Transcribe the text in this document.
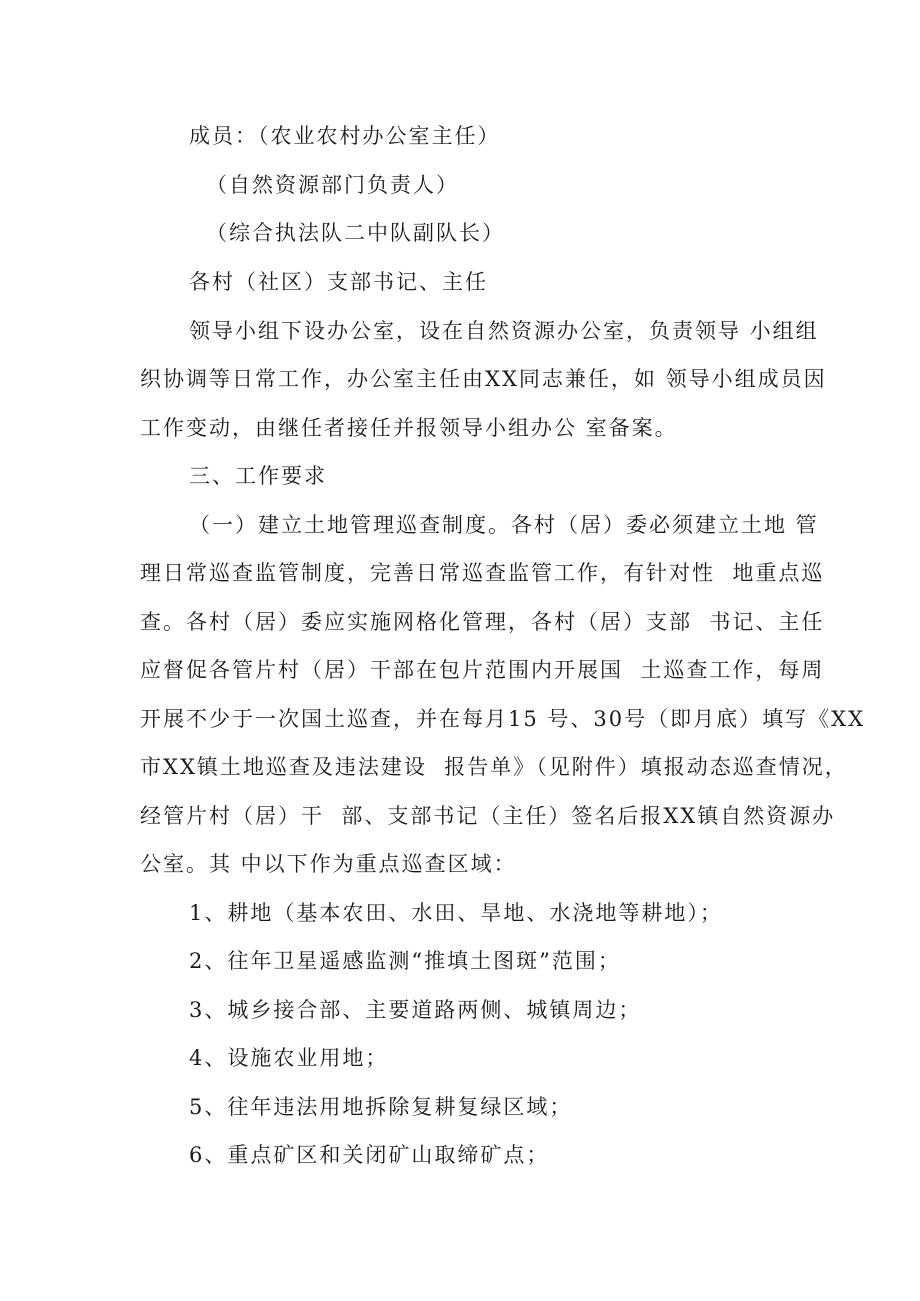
成员：（农业农村办公室主任）
（自然资源部门负责人）
（综合执法队二中队副队长）
各村（社区）支部书记、主任
领导小组下设办公室，设在自然资源办公室，负责领导 小组组
织协调等日常工作，办公室主任由XX同志兼任，如 领导小组成员因
工作变动，由继任者接任并报领导小组办公 室备案。
三、工作要求
（一）建立土地管理巡查制度。各村（居）委必须建立土地 管
理日常巡查监管制度，完善日常巡查监管工作，有针对性  地重点巡
查。各村（居）委应实施网格化管理，各村（居）支部  书记、主任
应督促各管片村（居）干部在包片范围内开展国  土巡查工作，每周
开展不少于一次国土巡查，并在每月15 号、30号（即月底）填写《XX
市XX镇土地巡查及违法建设  报告单》（见附件）填报动态巡查情况，
经管片村（居）干  部、支部书记（主任）签名后报XX镇自然资源办
公室。其 中以下作为重点巡查区域：
1、耕地（基本农田、水田、旱地、水浇地等耕地）；
2、往年卫星遥感监测“推填土图斑”范围；
3、城乡接合部、主要道路两侧、城镇周边；
4、设施农业用地；
5、往年违法用地拆除复耕复绿区域；
6、重点矿区和关闭矿山取缔矿点；
